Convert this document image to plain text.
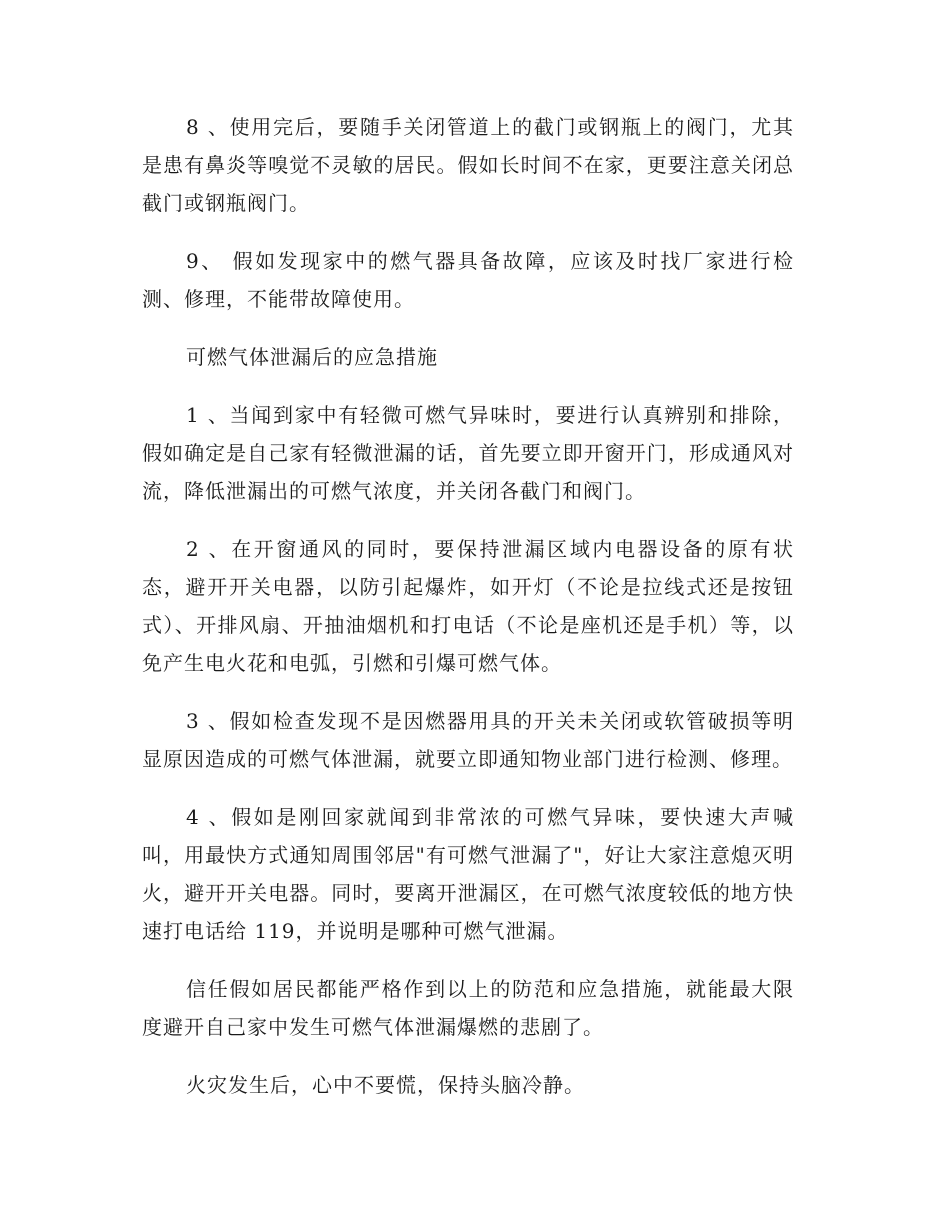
8 、使用完后，要随手关闭管道上的截门或钢瓶上的阀门，尤其是患有鼻炎等嗅觉不灵敏的居民。假如长时间不在家，更要注意关闭总截门或钢瓶阀门。

9、 假如发现家中的燃气器具备故障，应该及时找厂家进行检测、修理，不能带故障使用。

可燃气体泄漏后的应急措施

1 、当闻到家中有轻微可燃气异味时，要进行认真辨别和排除，假如确定是自己家有轻微泄漏的话，首先要立即开窗开门，形成通风对流，降低泄漏出的可燃气浓度，并关闭各截门和阀门。

2 、在开窗通风的同时，要保持泄漏区域内电器设备的原有状态，避开开关电器，以防引起爆炸，如开灯（不论是拉线式还是按钮式）、开排风扇、开抽油烟机和打电话（不论是座机还是手机）等，以免产生电火花和电弧，引燃和引爆可燃气体。

3 、假如检查发现不是因燃器用具的开关未关闭或软管破损等明显原因造成的可燃气体泄漏，就要立即通知物业部门进行检测、修理。

4 、假如是刚回家就闻到非常浓的可燃气异味，要快速大声喊叫，用最快方式通知周围邻居"有可燃气泄漏了"，好让大家注意熄灭明火，避开开关电器。同时，要离开泄漏区，在可燃气浓度较低的地方快速打电话给 119，并说明是哪种可燃气泄漏。

信任假如居民都能严格作到以上的防范和应急措施，就能最大限度避开自己家中发生可燃气体泄漏爆燃的悲剧了。

火灾发生后，心中不要慌，保持头脑冷静。
